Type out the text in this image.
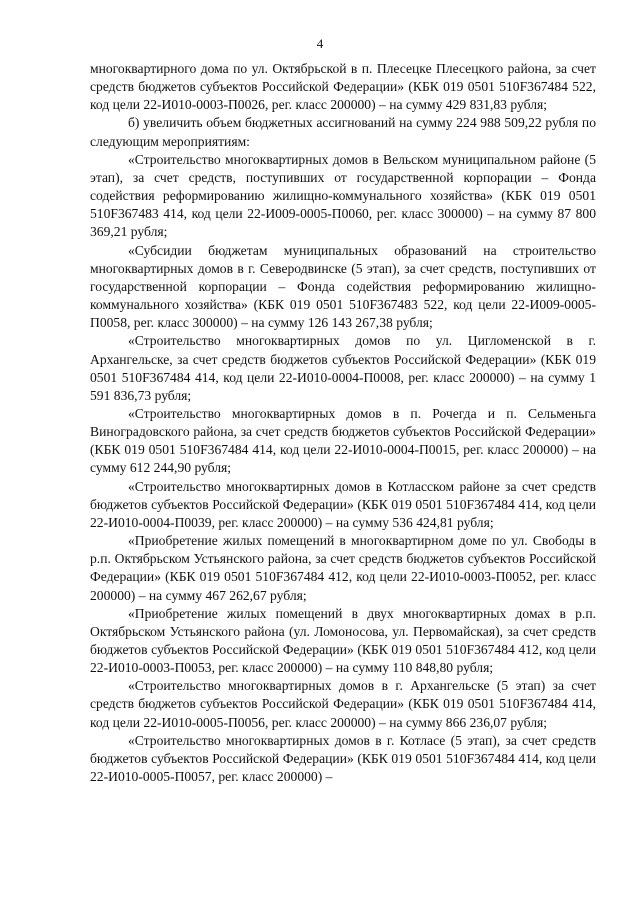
4

многоквартирного дома по ул. Октябрьской в п. Плесецке Плесецкого района, за счет средств бюджетов субъектов Российской Федерации» (КБК 019 0501 510F367484 522, код цели 22-И010-0003-П0026, рег. класс 200000) – на сумму 429 831,83 рубля;

б) увеличить объем бюджетных ассигнований на сумму 224 988 509,22 рубля по следующим мероприятиям:

«Строительство многоквартирных домов в Вельском муниципальном районе (5 этап), за счет средств, поступивших от государственной корпорации – Фонда содействия реформированию жилищно-коммунального хозяйства» (КБК 019 0501 510F367483 414, код цели 22-И009-0005-П0060, рег. класс 300000) – на сумму 87 800 369,21 рубля;

«Субсидии бюджетам муниципальных образований на строительство многоквартирных домов в г. Северодвинске (5 этап), за счет средств, поступивших от государственной корпорации – Фонда содействия реформированию жилищно-коммунального хозяйства» (КБК 019 0501 510F367483 522, код цели 22-И009-0005-П0058, рег. класс 300000) – на сумму 126 143 267,38 рубля;

«Строительство многоквартирных домов по ул. Цигломенской в г. Архангельске, за счет средств бюджетов субъектов Российской Федерации» (КБК 019 0501 510F367484 414, код цели 22-И010-0004-П0008, рег. класс 200000) – на сумму 1 591 836,73 рубля;

«Строительство многоквартирных домов в п. Рочегда и п. Сельменьга Виноградовского района, за счет средств бюджетов субъектов Российской Федерации» (КБК 019 0501 510F367484 414, код цели 22-И010-0004-П0015, рег. класс 200000) – на сумму 612 244,90 рубля;

«Строительство многоквартирных домов в Котласском районе за счет средств бюджетов субъектов Российской Федерации» (КБК 019 0501 510F367484 414, код цели 22-И010-0004-П0039, рег. класс 200000) – на сумму 536 424,81 рубля;

«Приобретение жилых помещений в многоквартирном доме по ул. Свободы в р.п. Октябрьском Устьянского района, за счет средств бюджетов субъектов Российской Федерации» (КБК 019 0501 510F367484 412, код цели 22-И010-0003-П0052, рег. класс 200000) – на сумму 467 262,67 рубля;

«Приобретение жилых помещений в двух многоквартирных домах в р.п. Октябрьском Устьянского района (ул. Ломоносова, ул. Первомайская), за счет средств бюджетов субъектов Российской Федерации» (КБК 019 0501 510F367484 412, код цели 22-И010-0003-П0053, рег. класс 200000) – на сумму 110 848,80 рубля;

«Строительство многоквартирных домов в г. Архангельске (5 этап) за счет средств бюджетов субъектов Российской Федерации» (КБК 019 0501 510F367484 414, код цели 22-И010-0005-П0056, рег. класс 200000) – на сумму 866 236,07 рубля;

«Строительство многоквартирных домов в г. Котласе (5 этап), за счет средств бюджетов субъектов Российской Федерации» (КБК 019 0501 510F367484 414, код цели 22-И010-0005-П0057, рег. класс 200000) –
